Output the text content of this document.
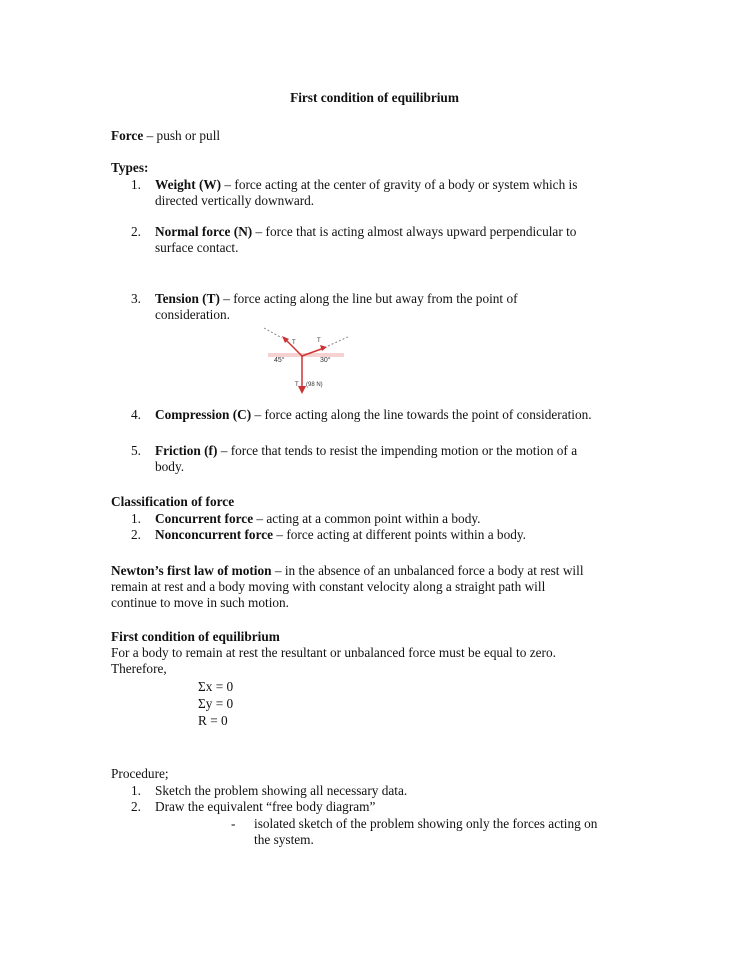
First condition of equilibrium
Force – push or pull
Types:
1. Weight (W) – force acting at the center of gravity of a body or system which is
directed vertically downward.
2. Normal force (N) – force that is acting almost always upward perpendicular to
surface contact.
3. Tension (T) – force acting along the line but away from the point of
consideration.
45°	30°
T	T
T (98 N)
4. Compression (C) – force acting along the line towards the point of consideration.
5. Friction (f) – force that tends to resist the impending motion or the motion of a
body.
Classification of force
1. Concurrent force – acting at a common point within a body.
2. Nonconcurrent force – force acting at different points within a body.
Newton’s first law of motion – in the absence of an unbalanced force a body at rest will
remain at rest and a body moving with constant velocity along a straight path will
continue to move in such motion.
First condition of equilibrium
For a body to remain at rest the resultant or unbalanced force must be equal to zero.
Therefore,
Σx = 0
Σy = 0
R = 0
Procedure;
1. Sketch the problem showing all necessary data.
2. Draw the equivalent “free body diagram”
- isolated sketch of the problem showing only the forces acting on
the system.
